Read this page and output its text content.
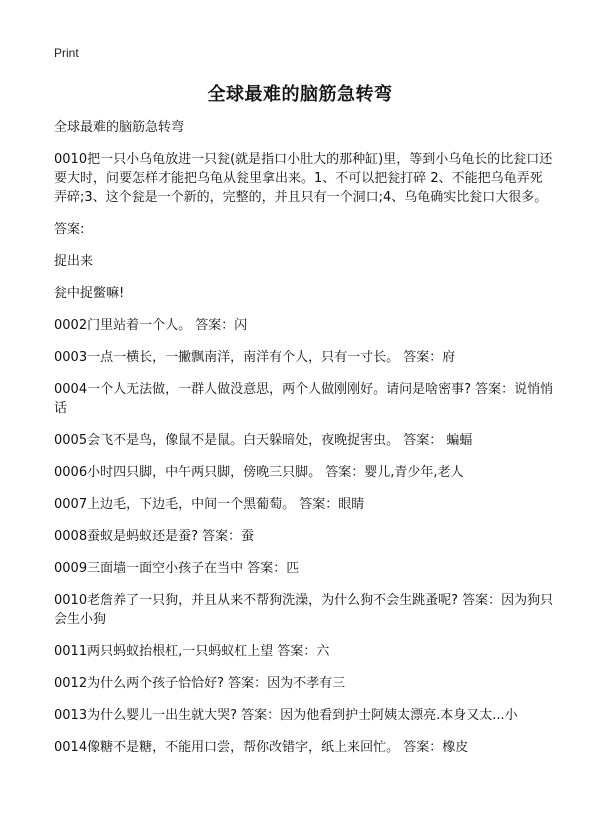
Print
全球最难的脑筋急转弯

全球最难的脑筋急转弯

0010把一只小乌龟放进一只瓮(就是指口小肚大的那种缸)里，等到小乌龟长的比瓮口还要大时，问要怎样才能把乌龟从瓮里拿出来。1、不可以把瓮打碎 2、不能把乌龟弄死弄碎;3、这个瓮是一个新的，完整的，并且只有一个洞口;4、乌龟确实比瓮口大很多。

答案:

捉出来

瓮中捉鳖嘛!

0002门里站着一个人。 答案：闪

0003一点一横长，一撇飘南洋，南洋有个人，只有一寸长。 答案：府

0004一个人无法做，一群人做没意思，两个人做刚刚好。请问是啥密事? 答案：说悄悄话

0005会飞不是鸟，像鼠不是鼠。白天躲暗处，夜晚捉害虫。 答案： 蝙蝠

0006小时四只脚，中午两只脚，傍晚三只脚。 答案：婴儿,青少年,老人

0007上边毛，下边毛，中间一个黑葡萄。 答案：眼睛

0008蚕蚁是蚂蚁还是蚕? 答案：蚕

0009三面墙一面空小孩子在当中 答案：匹

0010老詹养了一只狗，并且从来不帮狗洗澡，为什么狗不会生跳蚤呢? 答案：因为狗只会生小狗

0011两只蚂蚁抬根杠,一只蚂蚁杠上望 答案：六

0012为什么两个孩子恰恰好? 答案：因为不孝有三

0013为什么婴儿一出生就大哭? 答案：因为他看到护士阿姨太漂亮.本身又太...小

0014像糖不是糖，不能用口尝，帮你改错字，纸上来回忙。 答案：橡皮
